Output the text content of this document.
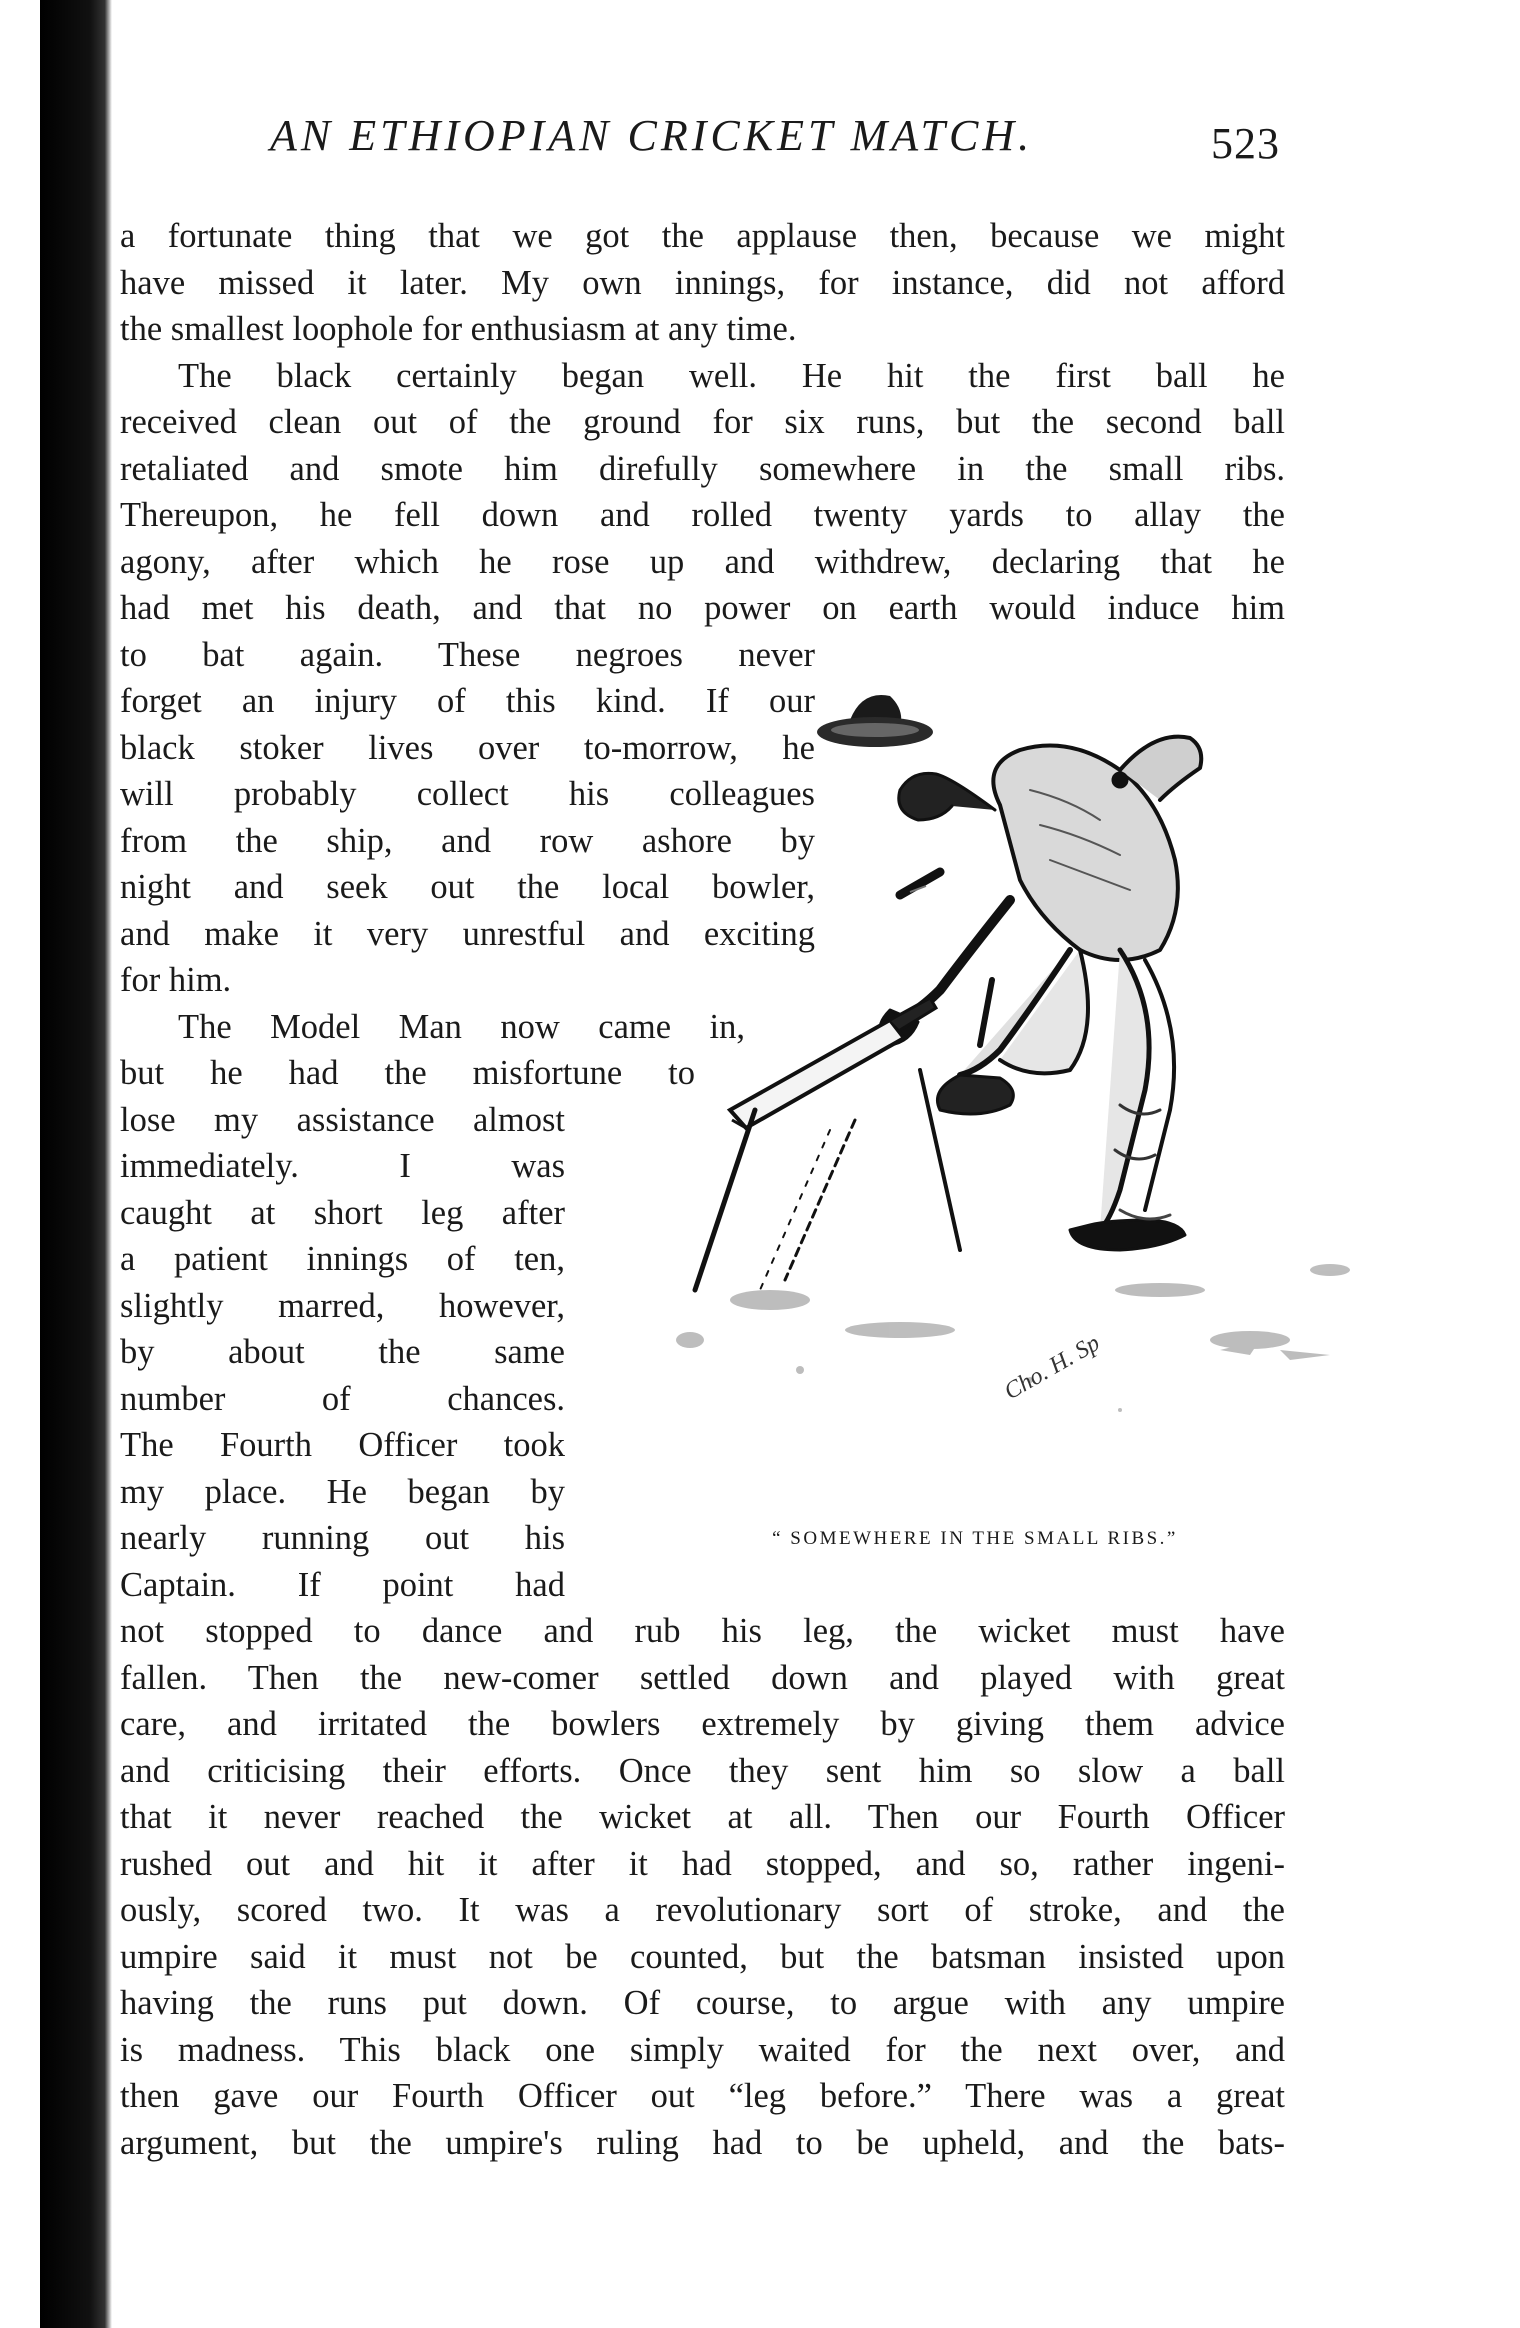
AN ETHIOPIAN CRICKET MATCH.	523
a fortunate thing that we got the applause then, because we might
have missed it later. My own innings, for instance, did not afford
the smallest loophole for enthusiasm at any time.
The black certainly began well. He hit the first ball he
received clean out of the ground for six runs, but the second ball
retaliated and smote him direfully somewhere in the small ribs.
Thereupon, he fell down and rolled twenty yards to allay the
agony, after which he rose up and withdrew, declaring that he
had met his death, and that no power on earth would induce him
to bat again. These negroes never
forget an injury of this kind. If our
black stoker lives over to-morrow, he
will probably collect his colleagues
from the ship, and row ashore by
night and seek out the local bowler,
and make it very unrestful and exciting
for him.
The Model Man now came in,
but he had the misfortune to
lose my assistance almost
immediately. I was
caught at short leg after
a patient innings of ten,
slightly marred, however,
by about the same
number of chances.
The Fourth Officer took
my place. He began by
nearly running out his
Captain. If point had
not stopped to dance and rub his leg, the wicket must have
fallen. Then the new-comer settled down and played with great
care, and irritated the bowlers extremely by giving them advice
and criticising their efforts. Once they sent him so slow a ball
that it never reached the wicket at all. Then our Fourth Officer
rushed out and hit it after it had stopped, and so, rather ingeni-
ously, scored two. It was a revolutionary sort of stroke, and the
umpire said it must not be counted, but the batsman insisted upon
having the runs put down. Of course, to argue with any umpire
is madness. This black one simply waited for the next over, and
then gave our Fourth Officer out “leg before.” There was a great
argument, but the umpire's ruling had to be upheld, and the bats-
Cho. H. Sp
“ SOMEWHERE IN THE SMALL RIBS.”
